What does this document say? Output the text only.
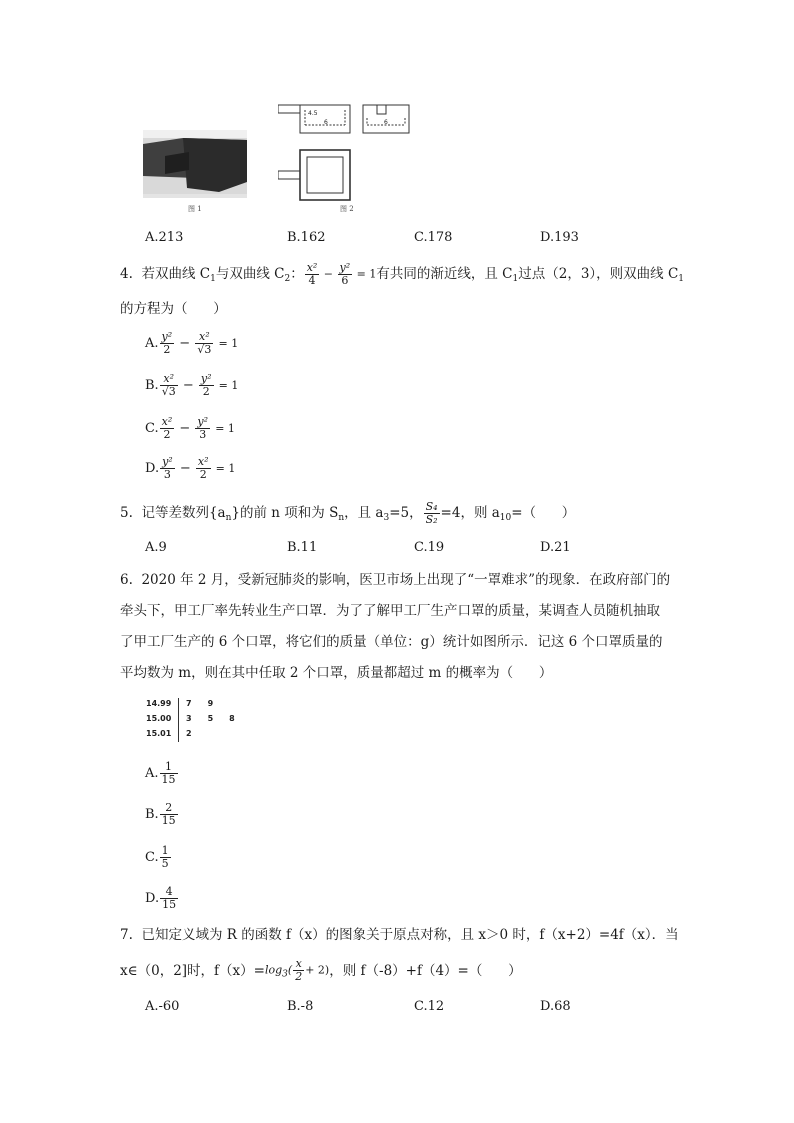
图 1
4.5
6	6
图 2
A.213	B.162	C.178	D.193
4.  若双曲线 $C_1$与双曲线 $C_2$： $\frac{\text{x²}}{4} - \frac{\text{y²}}{6} = 1$有共同的渐近线，且 $C_1$过点（2，3），则双曲线 $C_1$
的方程为（      ）
A. $\frac{\text{y²}}{2} - \frac{\text{x²}}{√3} = 1$
B. $\frac{\text{x²}}{√3} - \frac{\text{y²}}{2} = 1$
C. $\frac{\text{x²}}{2} - \frac{\text{y²}}{3} = 1$
D. $\frac{\text{y²}}{3} - \frac{\text{x²}}{2} = 1$
5.  记等差数列$\{a_n\}$的前 n 项和为 $S_n$，且 $a_3=5$， $\frac{\text{S₄}}{\text{S₂}} =4$，则 $a_{10}=$（      ）
A.9	B.11	C.19	D.21
6.  2020 年 2 月，受新冠肺炎的影响，医卫市场上出现了“一罩难求”的现象．在政府部门的
牵头下，甲工厂率先转业生产口罩．为了了解甲工厂生产口罩的质量，某调查人员随机抽取
了甲工厂生产的 6 个口罩，将它们的质量（单位：g）统计如图所示．记这 6 个口罩质量的
平均数为 m，则在其中任取 2 个口罩，质量都超过 m 的概率为（      ）
14.99 7 9
15.00 3 5 8
15.01 2
A. $\frac{1}{15}$
B. $\frac{2}{15}$
C. $\frac{1}{5}$
D. $\frac{4}{15}$
7.  已知定义域为 R 的函数 f（x）的图象关于原点对称，且 x＞0 时，f（x+2）=4f（x）．当
x∈（0，2]时，$f(x)=\log_3( \frac{x}{2} + 2)$，则 f（-8）+f（4）=（      ）
A.-60	B.-8	C.12	D.68
